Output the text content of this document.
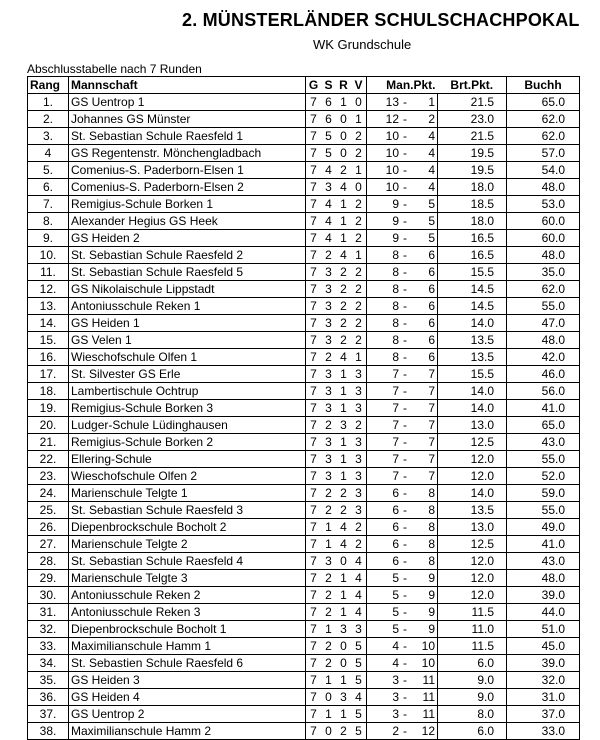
2. MÜNSTERLÄNDER SCHULSCHACHPOKAL
WK Grundschule
Abschlusstabelle nach 7 Runden
Rang	Mannschaft	G	S	R	V	Man.Pkt.			Brt.Pkt.	Buchh
1.	GS Uentrop 1	7	6	1	0	13	-	1	21.5	65.0
2.	Johannes GS Münster	7	6	0	1	12	-	2	23.0	62.0
3.	St. Sebastian Schule Raesfeld 1	7	5	0	2	10	-	4	21.5	62.0
4	GS Regentenstr. Mönchengladbach	7	5	0	2	10	-	4	19.5	57.0
5.	Comenius-S. Paderborn-Elsen 1	7	4	2	1	10	-	4	19.5	54.0
6.	Comenius-S. Paderborn-Elsen 2	7	3	4	0	10	-	4	18.0	48.0
7.	Remigius-Schule Borken 1	7	4	1	2	9	-	5	18.5	53.0
8.	Alexander Hegius GS Heek	7	4	1	2	9	-	5	18.0	60.0
9.	GS Heiden 2	7	4	1	2	9	-	5	16.5	60.0
10.	St. Sebastian Schule Raesfeld 2	7	2	4	1	8	-	6	16.5	48.0
11.	St. Sebastian Schule Raesfeld 5	7	3	2	2	8	-	6	15.5	35.0
12.	GS Nikolaischule Lippstadt	7	3	2	2	8	-	6	14.5	62.0
13.	Antoniusschule Reken 1	7	3	2	2	8	-	6	14.5	55.0
14.	GS Heiden 1	7	3	2	2	8	-	6	14.0	47.0
15.	GS Velen 1	7	3	2	2	8	-	6	13.5	48.0
16.	Wieschofschule Olfen 1	7	2	4	1	8	-	6	13.5	42.0
17.	St. Silvester GS Erle	7	3	1	3	7	-	7	15.5	46.0
18.	Lambertischule Ochtrup	7	3	1	3	7	-	7	14.0	56.0
19.	Remigius-Schule Borken 3	7	3	1	3	7	-	7	14.0	41.0
20.	Ludger-Schule Lüdinghausen	7	2	3	2	7	-	7	13.0	65.0
21.	Remigius-Schule Borken 2	7	3	1	3	7	-	7	12.5	43.0
22.	Ellering-Schule	7	3	1	3	7	-	7	12.0	55.0
23.	Wieschofschule Olfen 2	7	3	1	3	7	-	7	12.0	52.0
24.	Marienschule Telgte 1	7	2	2	3	6	-	8	14.0	59.0
25.	St. Sebastian Schule Raesfeld 3	7	2	2	3	6	-	8	13.5	55.0
26.	Diepenbrockschule Bocholt 2	7	1	4	2	6	-	8	13.0	49.0
27.	Marienschule Telgte 2	7	1	4	2	6	-	8	12.5	41.0
28.	St. Sebastian Schule Raesfeld 4	7	3	0	4	6	-	8	12.0	43.0
29.	Marienschule Telgte 3	7	2	1	4	5	-	9	12.0	48.0
30.	Antoniusschule Reken 2	7	2	1	4	5	-	9	12.0	39.0
31.	Antoniusschule Reken 3	7	2	1	4	5	-	9	11.5	44.0
32.	Diepenbrockschule Bocholt 1	7	1	3	3	5	-	9	11.0	51.0
33.	Maximilianschule Hamm 1	7	2	0	5	4	-	10	11.5	45.0
34.	St. Sebastien Schule Raesfeld 6	7	2	0	5	4	-	10	6.0	39.0
35.	GS Heiden 3	7	1	1	5	3	-	11	9.0	32.0
36.	GS Heiden 4	7	0	3	4	3	-	11	9.0	31.0
37.	GS Uentrop 2	7	1	1	5	3	-	11	8.0	37.0
38.	Maximilianschule Hamm 2	7	0	2	5	2	-	12	6.0	33.0
